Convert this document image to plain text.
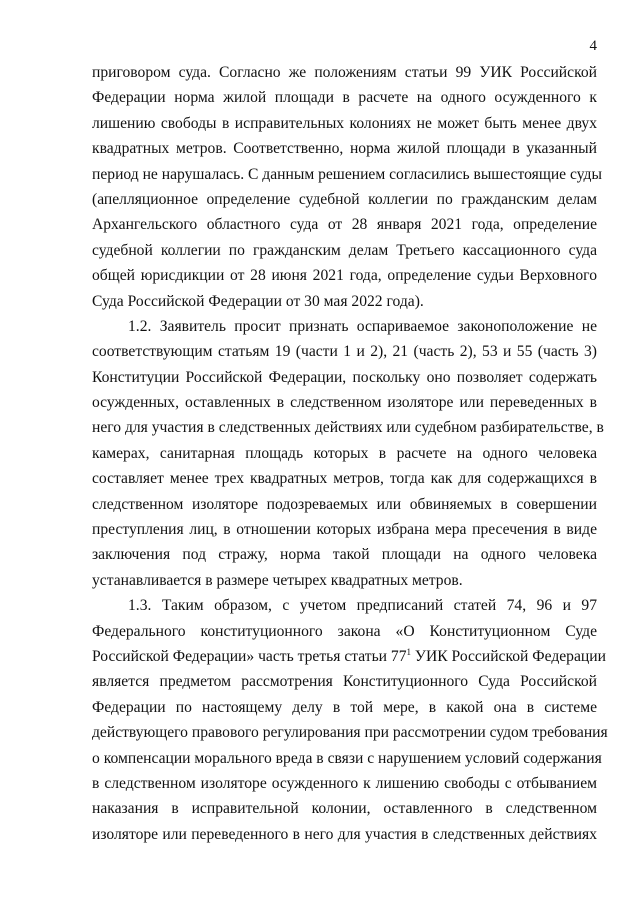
4
приговором суда. Согласно же положениям статьи 99 УИК Российской
Федерации норма жилой площади в расчете на одного осужденного к
лишению свободы в исправительных колониях не может быть менее двух
квадратных метров. Соответственно, норма жилой площади в указанный
период не нарушалась. С данным решением согласились вышестоящие суды
(апелляционное определение судебной коллегии по гражданским делам
Архангельского областного суда от 28 января 2021 года, определение
судебной коллегии по гражданским делам Третьего кассационного суда
общей юрисдикции от 28 июня 2021 года, определение судьи Верховного
Суда Российской Федерации от 30 мая 2022 года).
1.2. Заявитель просит признать оспариваемое законоположение не
соответствующим статьям 19 (части 1 и 2), 21 (часть 2), 53 и 55 (часть 3)
Конституции Российской Федерации, поскольку оно позволяет содержать
осужденных, оставленных в следственном изоляторе или переведенных в
него для участия в следственных действиях или судебном разбирательстве, в
камерах, санитарная площадь которых в расчете на одного человека
составляет менее трех квадратных метров, тогда как для содержащихся в
следственном изоляторе подозреваемых или обвиняемых в совершении
преступления лиц, в отношении которых избрана мера пресечения в виде
заключения под стражу, норма такой площади на одного человека
устанавливается в размере четырех квадратных метров.
1.3. Таким образом, с учетом предписаний статей 74, 96 и 97
Федерального конституционного закона «О Конституционном Суде
Российской Федерации» часть третья статьи $77^1$ УИК Российской Федерации
является предметом рассмотрения Конституционного Суда Российской
Федерации по настоящему делу в той мере, в какой она в системе
действующего правового регулирования при рассмотрении судом требования
о компенсации морального вреда в связи с нарушением условий содержания
в следственном изоляторе осужденного к лишению свободы с отбыванием
наказания в исправительной колонии, оставленного в следственном
изоляторе или переведенного в него для участия в следственных действиях
